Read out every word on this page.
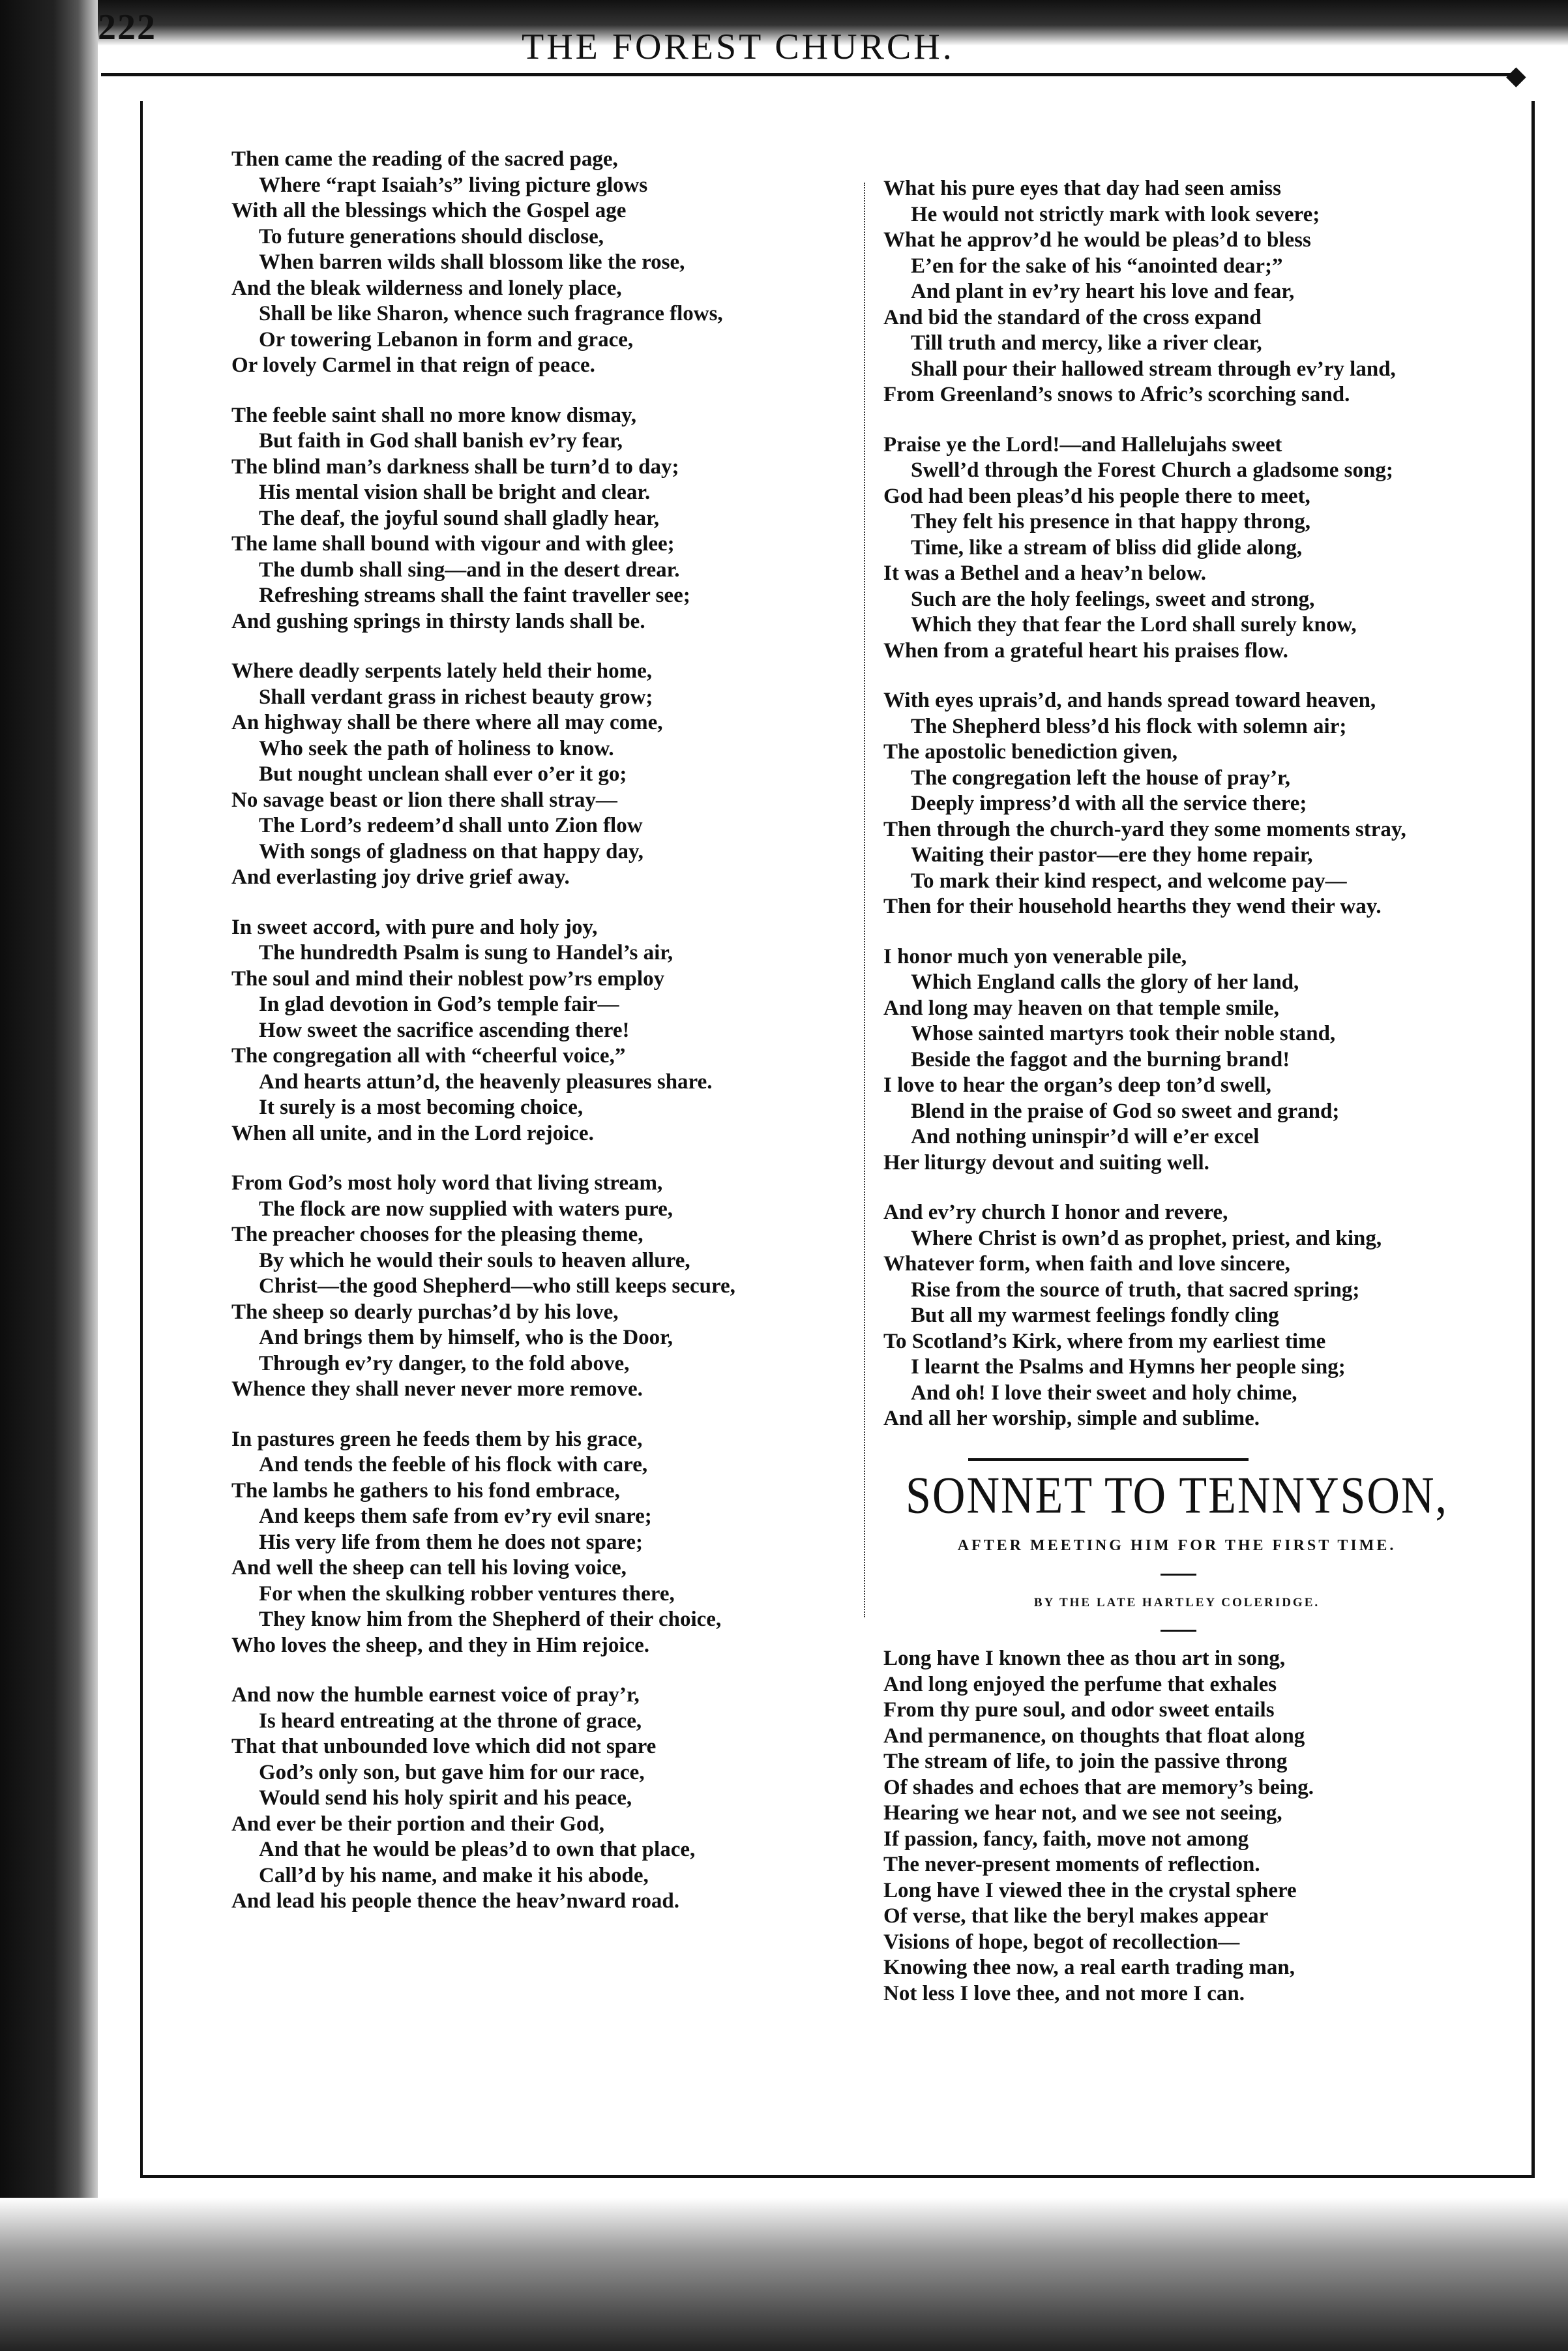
222	THE FOREST CHURCH.
◆
Then came the reading of the sacred page,
Where “rapt Isaiah’s” living picture glows
With all the blessings which the Gospel age
To future generations should disclose,
When barren wilds shall blossom like the rose,
And the bleak wilderness and lonely place,
Shall be like Sharon, whence such fragrance flows,
Or towering Lebanon in form and grace,
Or lovely Carmel in that reign of peace.
The feeble saint shall no more know dismay,
But faith in God shall banish ev’ry fear,
The blind man’s darkness shall be turn’d to day;
His mental vision shall be bright and clear.
The deaf, the joyful sound shall gladly hear,
The lame shall bound with vigour and with glee;
The dumb shall sing—and in the desert drear.
Refreshing streams shall the faint traveller see;
And gushing springs in thirsty lands shall be.
Where deadly serpents lately held their home,
Shall verdant grass in richest beauty grow;
An highway shall be there where all may come,
Who seek the path of holiness to know.
But nought unclean shall ever o’er it go;
No savage beast or lion there shall stray—
The Lord’s redeem’d shall unto Zion flow
With songs of gladness on that happy day,
And everlasting joy drive grief away.
In sweet accord, with pure and holy joy,
The hundredth Psalm is sung to Handel’s air,
The soul and mind their noblest pow’rs employ
In glad devotion in God’s temple fair—
How sweet the sacrifice ascending there!
The congregation all with “cheerful voice,”
And hearts attun’d, the heavenly pleasures share.
It surely is a most becoming choice,
When all unite, and in the Lord rejoice.
From God’s most holy word that living stream,
The flock are now supplied with waters pure,
The preacher chooses for the pleasing theme,
By which he would their souls to heaven allure,
Christ—the good Shepherd—who still keeps secure,
The sheep so dearly purchas’d by his love,
And brings them by himself, who is the Door,
Through ev’ry danger, to the fold above,
Whence they shall never never more remove.
In pastures green he feeds them by his grace,
And tends the feeble of his flock with care,
The lambs he gathers to his fond embrace,
And keeps them safe from ev’ry evil snare;
His very life from them he does not spare;
And well the sheep can tell his loving voice,
For when the skulking robber ventures there,
They know him from the Shepherd of their choice,
Who loves the sheep, and they in Him rejoice.
And now the humble earnest voice of pray’r,
Is heard entreating at the throne of grace,
That that unbounded love which did not spare
God’s only son, but gave him for our race,
Would send his holy spirit and his peace,
And ever be their portion and their God,
And that he would be pleas’d to own that place,
Call’d by his name, and make it his abode,
And lead his people thence the heav’nward road.
What his pure eyes that day had seen amiss
He would not strictly mark with look severe;
What he approv’d he would be pleas’d to bless
E’en for the sake of his “anointed dear;”
And plant in ev’ry heart his love and fear,
And bid the standard of the cross expand
Till truth and mercy, like a river clear,
Shall pour their hallowed stream through ev’ry land,
From Greenland’s snows to Afric’s scorching sand.
Praise ye the Lord!—and Hallelujahs sweet
Swell’d through the Forest Church a gladsome song;
God had been pleas’d his people there to meet,
They felt his presence in that happy throng,
Time, like a stream of bliss did glide along,
It was a Bethel and a heav’n below.
Such are the holy feelings, sweet and strong,
Which they that fear the Lord shall surely know,
When from a grateful heart his praises flow.
With eyes uprais’d, and hands spread toward heaven,
The Shepherd bless’d his flock with solemn air;
The apostolic benediction given,
The congregation left the house of pray’r,
Deeply impress’d with all the service there;
Then through the church-yard they some moments stray,
Waiting their pastor—ere they home repair,
To mark their kind respect, and welcome pay—
Then for their household hearths they wend their way.
I honor much yon venerable pile,
Which England calls the glory of her land,
And long may heaven on that temple smile,
Whose sainted martyrs took their noble stand,
Beside the faggot and the burning brand!
I love to hear the organ’s deep ton’d swell,
Blend in the praise of God so sweet and grand;
And nothing uninspir’d will e’er excel
Her liturgy devout and suiting well.
And ev’ry church I honor and revere,
Where Christ is own’d as prophet, priest, and king,
Whatever form, when faith and love sincere,
Rise from the source of truth, that sacred spring;
But all my warmest feelings fondly cling
To Scotland’s Kirk, where from my earliest time
I learnt the Psalms and Hymns her people sing;
And oh! I love their sweet and holy chime,
And all her worship, simple and sublime.
SONNET TO TENNYSON,
AFTER MEETING HIM FOR THE FIRST TIME.
BY THE LATE HARTLEY COLERIDGE.
Long have I known thee as thou art in song,
And long enjoyed the perfume that exhales
From thy pure soul, and odor sweet entails
And permanence, on thoughts that float along
The stream of life, to join the passive throng
Of shades and echoes that are memory’s being.
Hearing we hear not, and we see not seeing,
If passion, fancy, faith, move not among
The never-present moments of reflection.
Long have I viewed thee in the crystal sphere
Of verse, that like the beryl makes appear
Visions of hope, begot of recollection—
Knowing thee now, a real earth trading man,
Not less I love thee, and not more I can.
